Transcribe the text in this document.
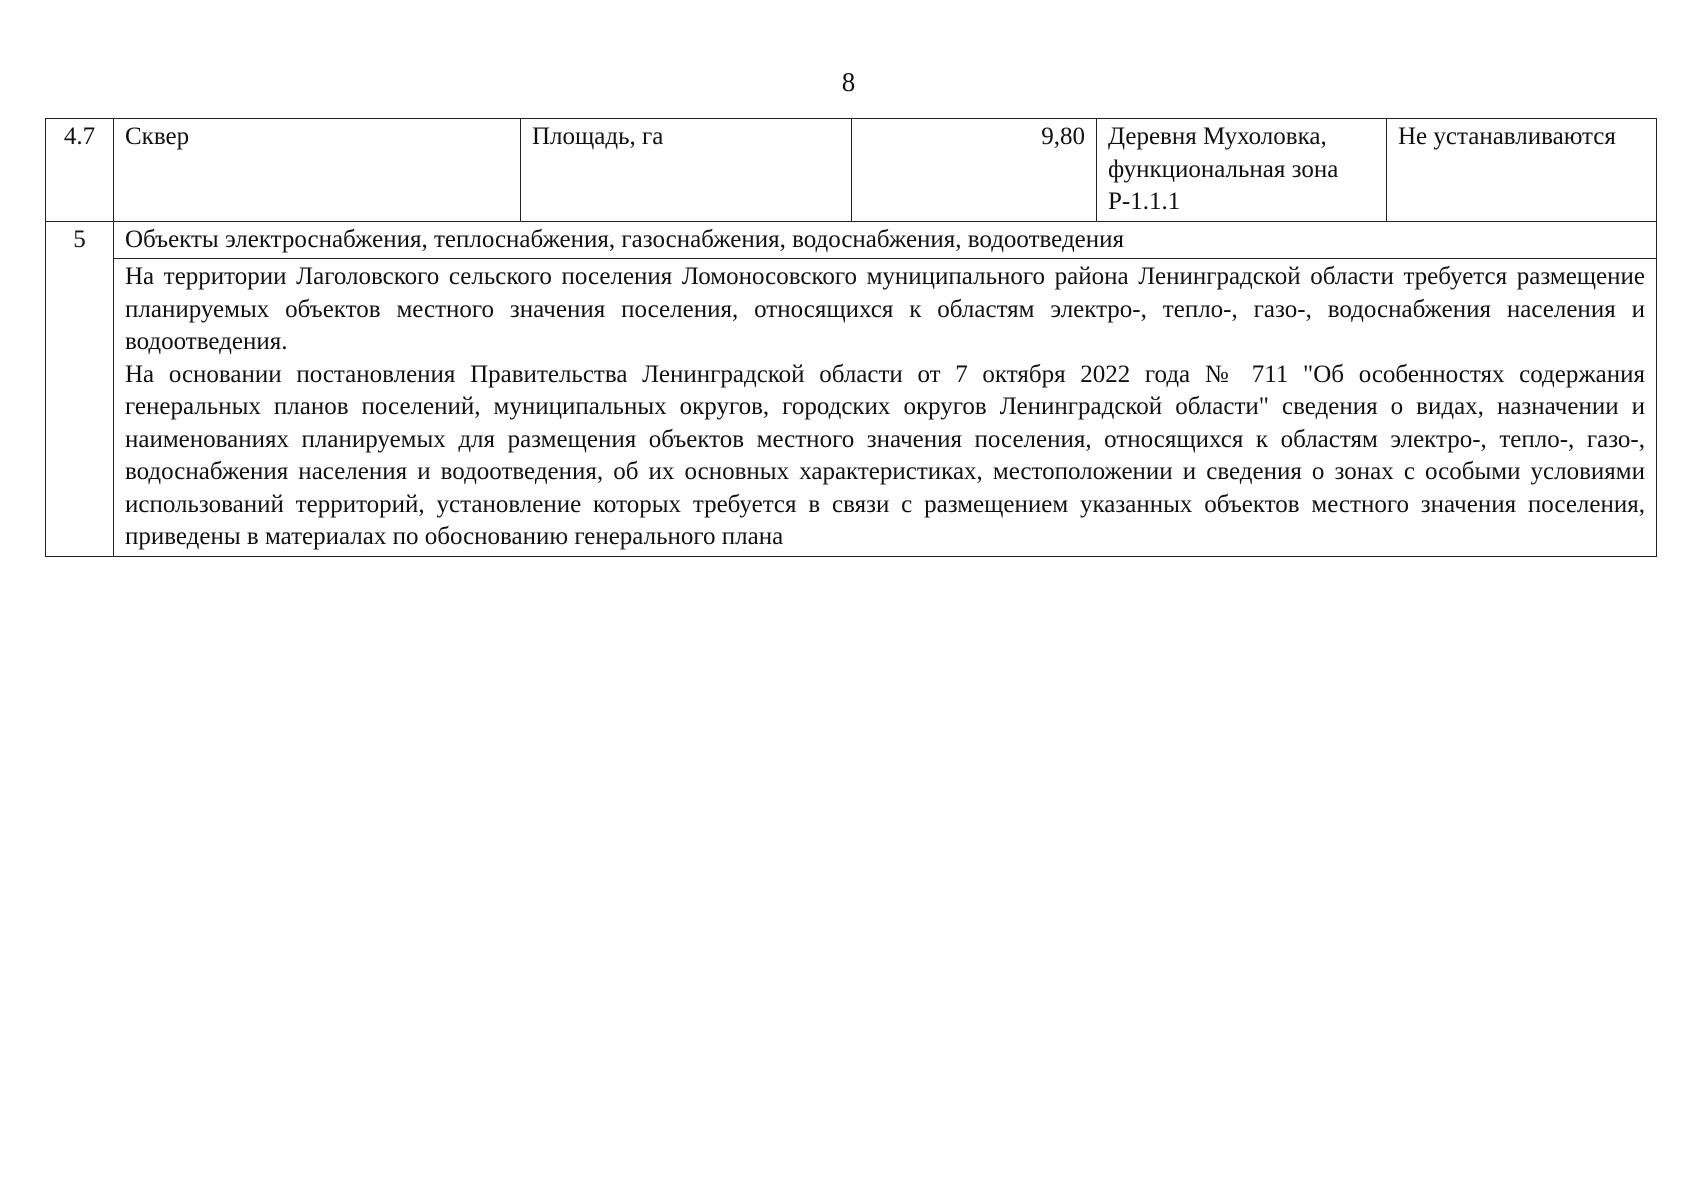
8
4.7	Сквер	Площадь, га	9,80	Деревня Мухоловка, функциональная зона Р-1.1.1	Не устанавливаются
5	Объекты электроснабжения, теплоснабжения, газоснабжения, водоснабжения, водоотведения				

	На территории Лаголовского сельского поселения Ломоносовского муниципального района Ленинградской области требуется размещение планируемых объектов местного значения поселения, относящихся к областям электро-, тепло-, газо-, водоснабжения населения и водоотведения.

На основании постановления Правительства Ленинградской области от 7 октября 2022 года № 711 "Об особенностях содержания генеральных планов поселений, муниципальных округов, городских округов Ленинградской области" сведения о видах, назначении и наименованиях планируемых для размещения объектов местного значения поселения, относящихся к областям электро-, тепло-, газо-, водоснабжения населения и водоотведения, об их основных характеристиках, местоположении и сведения о зонах с особыми условиями использований территорий, установление которых требуется в связи с размещением указанных объектов местного значения поселения, приведены в материалах по обоснованию генерального плана				
